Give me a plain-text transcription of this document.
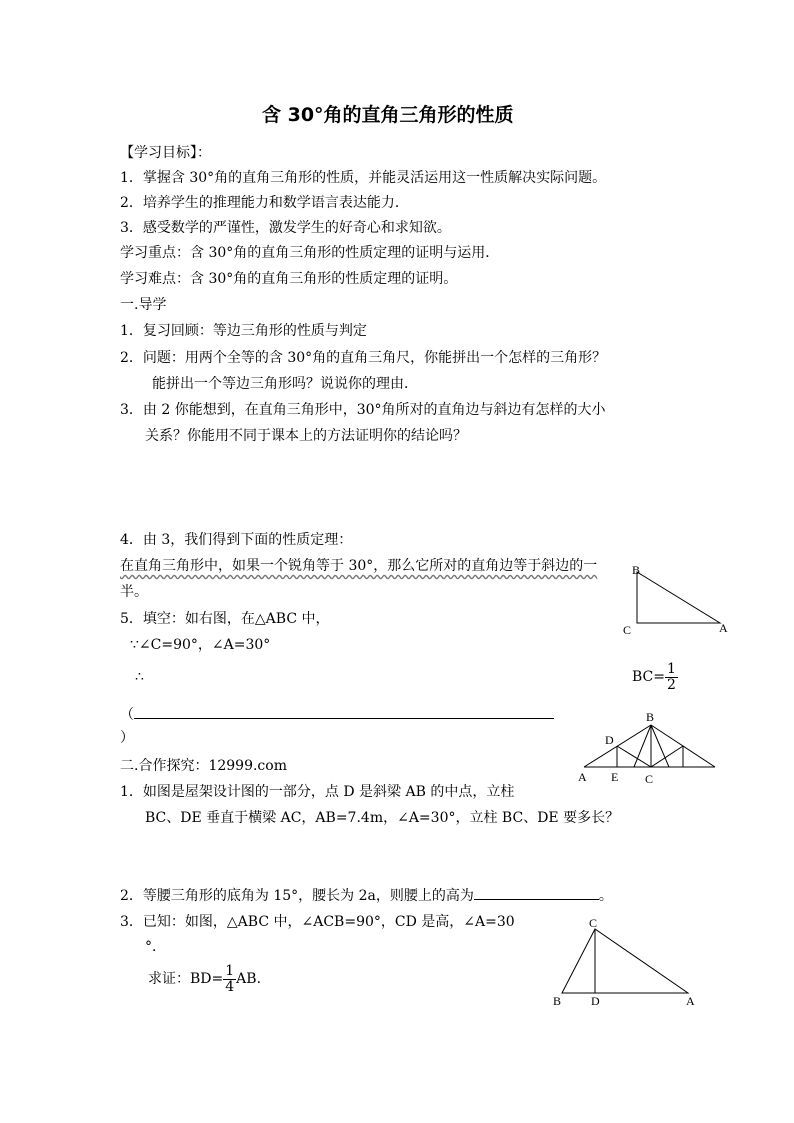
含 30°角的直角三角形的性质
【学习目标】：
1．掌握含 30°角的直角三角形的性质，并能灵活运用这一性质解决实际问题。
2．培养学生的推理能力和数学语言表达能力．
3．感受数学的严谨性，激发学生的好奇心和求知欲。
学习重点：含 30°角的直角三角形的性质定理的证明与运用．
学习难点：含 30°角的直角三角形的性质定理的证明。
一.导学
1．复习回顾：等边三角形的性质与判定
2．问题：用两个全等的含 30°角的直角三角尺，你能拼出一个怎样的三角形？
能拼出一个等边三角形吗？说说你的理由．
3．由 2 你能想到，在直角三角形中，30°角所对的直角边与斜边有怎样的大小
关系？你能用不同于课本上的方法证明你的结论吗？
4．由 3，我们得到下面的性质定理：
在直角三角形中，如果一个锐角等于 30°，那么它所对的直角边等于斜边的一
半。
5．填空：如右图，在△ABC 中，
∵∠C=90°，∠A=30°
∴	$BC= \frac{1}{2}$
（
）
二.合作探究：12999.com
1．如图是屋架设计图的一部分，点 D 是斜梁 AB 的中点，立柱
BC、DE 垂直于横梁 AC，AB=7.4m，∠A=30°，立柱 BC、DE 要多长？
2．等腰三角形的底角为 15°，腰长为 2a，则腰上的高为	。
3．已知：如图，△ABC 中，∠ACB=90°，CD 是高，∠A=30
°．
求证：$BD= \frac{1}{4}$ AB.
B
C	A
B
D
A E C
C
B D	A
